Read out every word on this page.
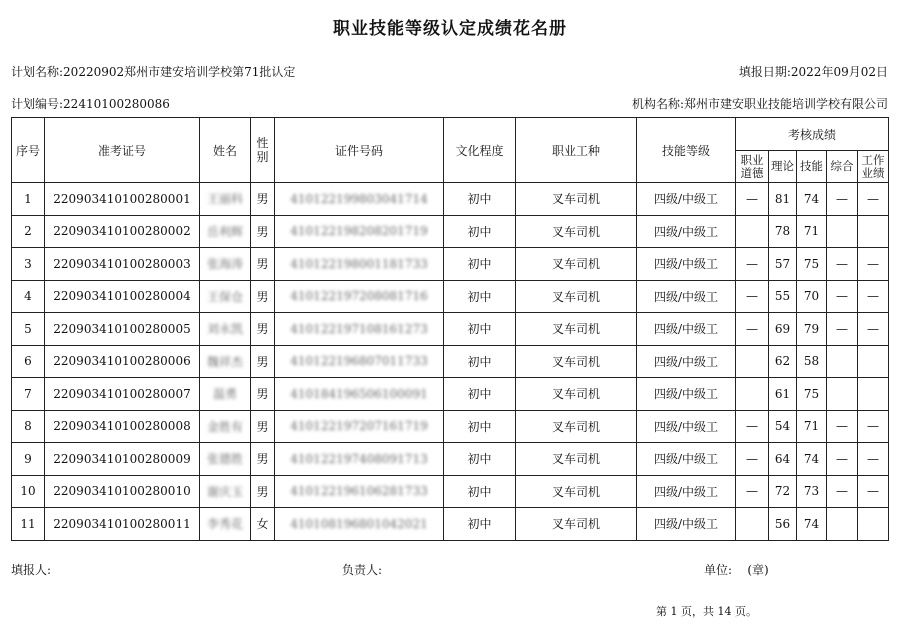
职业技能等级认定成绩花名册
计划名称:20220902郑州市建安培训学校第71批认定	填报日期:2022年09月02日
计划编号:22410100280086	机构名称:郑州市建安职业技能培训学校有限公司
序号	准考证号	姓名	性别	证件号码	文化程度	职业工种	技能等级	考核成绩				
								职业道德	理论	技能	综合	工作业绩
1	220903410100280001	王丽科	男	410122199803041714	初中	叉车司机	四级/中级工	—	81	74	—	—
2	220903410100280002	岳利辉	男	410122198208201719	初中	叉车司机	四级/中级工		78	71		
3	220903410100280003	张海涛	男	410122198001181733	初中	叉车司机	四级/中级工	—	57	75	—	—
4	220903410100280004	王保仓	男	410122197208081716	初中	叉车司机	四级/中级工	—	55	70	—	—
5	220903410100280005	刘永凯	男	410122197108161273	初中	叉车司机	四级/中级工	—	69	79	—	—
6	220903410100280006	魏祥杰	男	410122196807011733	初中	叉车司机	四级/中级工		62	58		
7	220903410100280007	温勇	男	410184196506100091	初中	叉车司机	四级/中级工		61	75		
8	220903410100280008	金胜有	男	410122197207161719	初中	叉车司机	四级/中级工	—	54	71	—	—
9	220903410100280009	张德胜	男	410122197408091713	初中	叉车司机	四级/中级工	—	64	74	—	—
10	220903410100280010	谢庆玉	男	410122196106281733	初中	叉车司机	四级/中级工	—	72	73	—	—
11	220903410100280011	李秀花	女	410108196801042021	初中	叉车司机	四级/中级工		56	74		
填报人:	负责人:	单位: (章)
第 1 页，共 14 页。
